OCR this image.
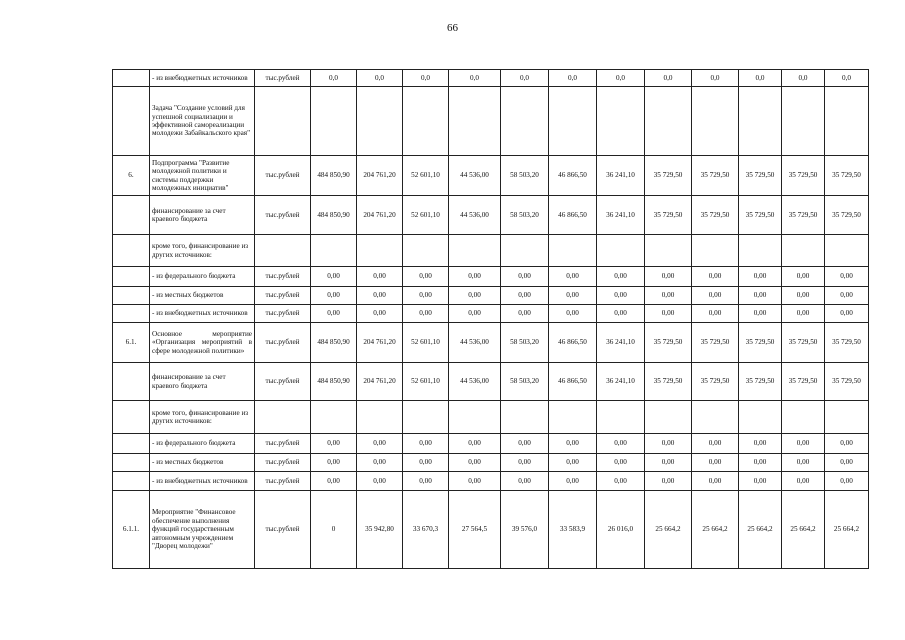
66
	- из внебюджетных источников	тыс.рублей	0,0	0,0	0,0	0,0	0,0	0,0	0,0	0,0	0,0	0,0	0,0	0,0
	Задача "Создание условий для успешной социализации и эффективной самореализации молодежи Забайкальского края"													
6.	Подпрограмма "Развитие молодежной политики и системы поддержки молодежных инициатив"	тыс.рублей	484 850,90	204 761,20	52 601,10	44 536,00	58 503,20	46 866,50	36 241,10	35 729,50	35 729,50	35 729,50	35 729,50	35 729,50
	финансирование за счет краевого бюджета	тыс.рублей	484 850,90	204 761,20	52 601,10	44 536,00	58 503,20	46 866,50	36 241,10	35 729,50	35 729,50	35 729,50	35 729,50	35 729,50
	кроме того, финансирование из других источников:													
	- из федерального бюджета	тыс.рублей	0,00	0,00	0,00	0,00	0,00	0,00	0,00	0,00	0,00	0,00	0,00	0,00
	- из местных бюджетов	тыс.рублей	0,00	0,00	0,00	0,00	0,00	0,00	0,00	0,00	0,00	0,00	0,00	0,00
	- из внебюджетных источников	тыс.рублей	0,00	0,00	0,00	0,00	0,00	0,00	0,00	0,00	0,00	0,00	0,00	0,00
6.1.	Основное мероприятие «Организация мероприятий в сфере молодежной политики»	тыс.рублей	484 850,90	204 761,20	52 601,10	44 536,00	58 503,20	46 866,50	36 241,10	35 729,50	35 729,50	35 729,50	35 729,50	35 729,50
	финансирование за счет краевого бюджета	тыс.рублей	484 850,90	204 761,20	52 601,10	44 536,00	58 503,20	46 866,50	36 241,10	35 729,50	35 729,50	35 729,50	35 729,50	35 729,50
	кроме того, финансирование из других источников:													
	- из федерального бюджета	тыс.рублей	0,00	0,00	0,00	0,00	0,00	0,00	0,00	0,00	0,00	0,00	0,00	0,00
	- из местных бюджетов	тыс.рублей	0,00	0,00	0,00	0,00	0,00	0,00	0,00	0,00	0,00	0,00	0,00	0,00
	- из внебюджетных источников	тыс.рублей	0,00	0,00	0,00	0,00	0,00	0,00	0,00	0,00	0,00	0,00	0,00	0,00
6.1.1.	Мероприятие "Финансовое обеспечение выполнения функций государственным автономным учреждением "Дворец молодежи"	тыс.рублей	0	35 942,80	33 670,3	27 564,5	39 576,0	33 583,9	26 016,0	25 664,2	25 664,2	25 664,2	25 664,2	25 664,2
